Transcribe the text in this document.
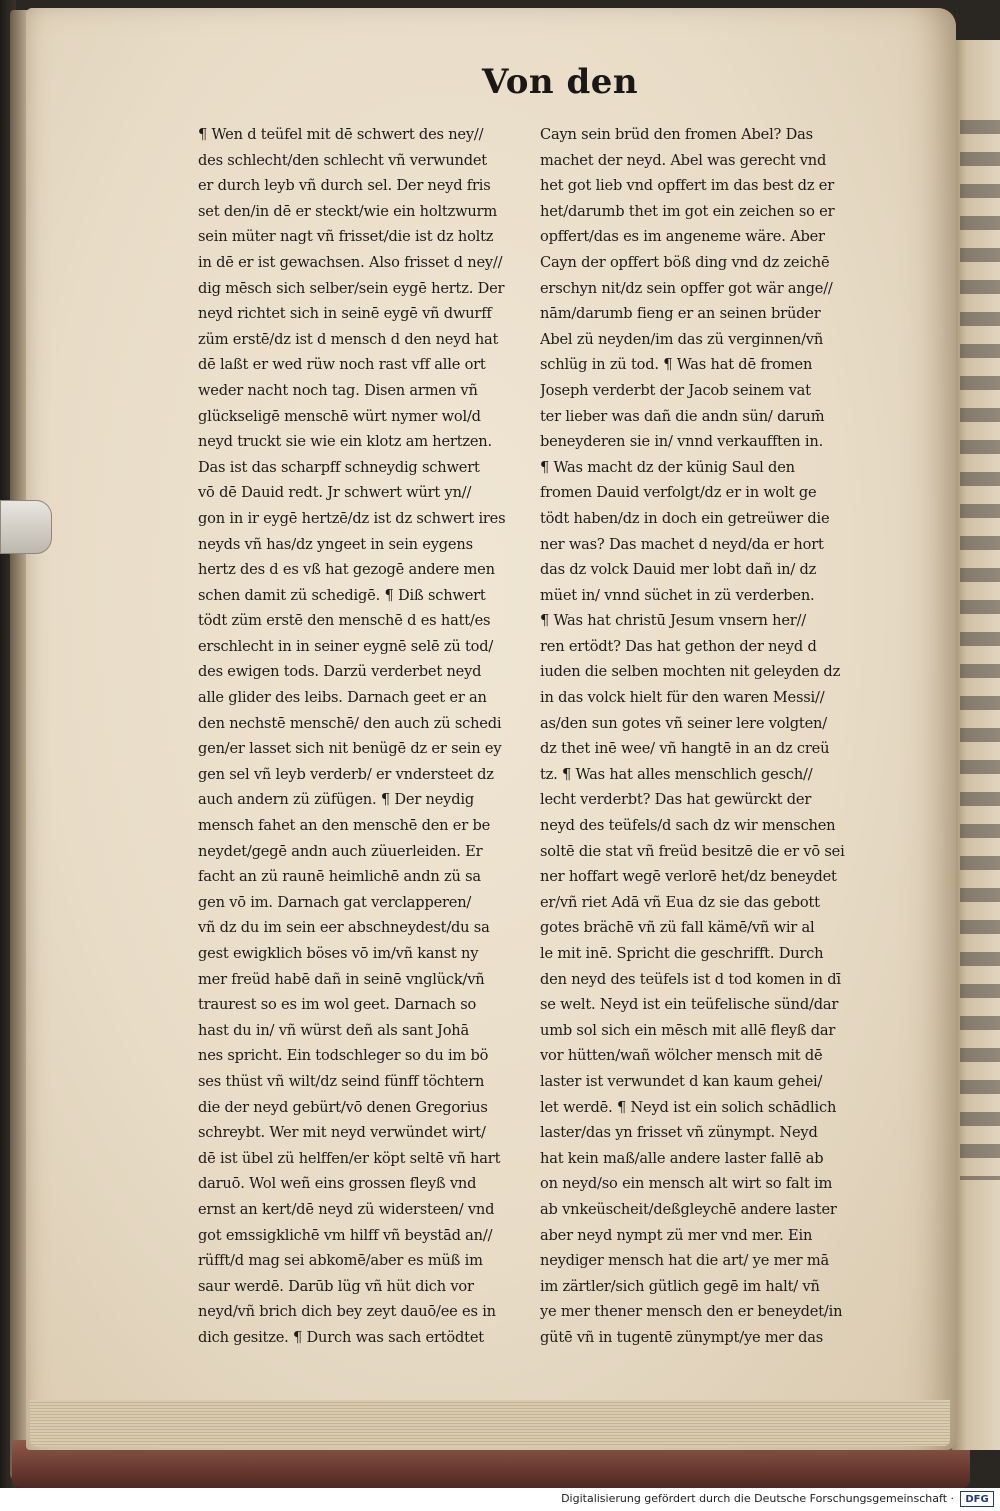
Von den
¶ Wen d teüfel mit dē schwert des ney//
des schlecht/den schlecht vñ verwundet
er durch leyb vñ durch sel. Der neyd fris
set den/in dē er steckt/wie ein holtzwurm
sein müter nagt vñ frisset/die ist dz holtz
in dē er ist gewachsen. Also frisset d ney//
dig mēsch sich selber/sein eygē hertz. Der
neyd richtet sich in seinē eygē vñ dwurff
züm erstē/dz ist d mensch d den neyd hat
dē laßt er wed rüw noch rast vff alle ort
weder nacht noch tag. Disen armen vñ
glückseligē menschē würt nymer wol/d
neyd truckt sie wie ein klotz am hertzen.
Das ist das scharpff schneydig schwert
vō dē Dauid redt. Jr schwert würt yn//
gon in ir eygē hertzē/dz ist dz schwert ires
neyds vñ has/dz yngeet in sein eygens
hertz des d es vß hat gezogē andere men
schen damit zü schedigē. ¶ Diß schwert
tödt züm erstē den menschē d es hatt/es
erschlecht in in seiner eygnē selē zü tod/
des ewigen tods. Darzü verderbet neyd
alle glider des leibs. Darnach geet er an
den nechstē menschē/ den auch zü schedi
gen/er lasset sich nit benügē dz er sein ey
gen sel vñ leyb verderb/ er vndersteet dz
auch andern zü züfügen. ¶ Der neydig
mensch fahet an den menschē den er be
neydet/gegē andn auch züuerleiden. Er
facht an zü raunē heimlichē andn zü sa
gen vō im. Darnach gat verclapperen/
vñ dz du im sein eer abschneydest/du sa
gest ewigklich böses vō im/vñ kanst ny
mer freüd habē dañ in seinē vnglück/vñ
traurest so es im wol geet. Darnach so
hast du in/ vñ würst deñ als sant Johā
nes spricht. Ein todschleger so du im bö
ses thüst vñ wilt/dz seind fünff töchtern
die der neyd gebürt/vō denen Gregorius
schreybt. Wer mit neyd verwündet wirt/
dē ist übel zü helffen/er köpt seltē vñ hart
daruō. Wol weñ eins grossen fleyß vnd
ernst an kert/dē neyd zü widersteen/ vnd
got emssigklichē vm hilff vñ beystād an//
rüfft/d mag sei abkomē/aber es müß im
saur werdē. Darūb lüg vñ hüt dich vor
neyd/vñ brich dich bey zeyt dauō/ee es in
dich gesitze. ¶ Durch was sach ertödtet
Cayn sein brüd den fromen Abel? Das
machet der neyd. Abel was gerecht vnd
het got lieb vnd opffert im das best dz er
het/darumb thet im got ein zeichen so er
opffert/das es im angeneme wäre. Aber
Cayn der opffert böß ding vnd dz zeichē
erschyn nit/dz sein opffer got wär ange//
nām/darumb fieng er an seinen brüder
Abel zü neyden/im das zü verginnen/vñ
schlüg in zü tod. ¶ Was hat dē fromen
Joseph verderbt der Jacob seinem vat
ter lieber was dañ die andn sün/ darum̄
beneyderen sie in/ vnnd verkaufften in.
¶ Was macht dz der künig Saul den
fromen Dauid verfolgt/dz er in wolt ge
tödt haben/dz in doch ein getreüwer die
ner was? Das machet d neyd/da er hort
das dz volck Dauid mer lobt dañ in/ dz
müet in/ vnnd süchet in zü verderben.
¶ Was hat christū Jesum vnsern her//
ren ertödt? Das hat gethon der neyd d
iuden die selben mochten nit geleyden dz
in das volck hielt für den waren Messi//
as/den sun gotes vñ seiner lere volgten/
dz thet inē wee/ vñ hangtē in an dz creü
tz. ¶ Was hat alles menschlich gesch//
lecht verderbt? Das hat gewürckt der
neyd des teüfels/d sach dz wir menschen
soltē die stat vñ freüd besitzē die er vō sei
ner hoffart wegē verlorē het/dz beneydet
er/vñ riet Adā vñ Eua dz sie das gebott
gotes brächē vñ zü fall kämē/vñ wir al
le mit inē. Spricht die geschrifft. Durch
den neyd des teüfels ist d tod komen in dī
se welt. Neyd ist ein teüfelische sünd/dar
umb sol sich ein mēsch mit allē fleyß dar
vor hütten/wañ wölcher mensch mit dē
laster ist verwundet d kan kaum gehei/
let werdē. ¶ Neyd ist ein solich schādlich
laster/das yn frisset vñ zünympt. Neyd
hat kein maß/alle andere laster fallē ab
on neyd/so ein mensch alt wirt so falt im
ab vnkeüscheit/deßgleychē andere laster
aber neyd nympt zü mer vnd mer. Ein
neydiger mensch hat die art/ ye mer mā
im zärtler/sich gütlich gegē im halt/ vñ
ye mer thener mensch den er beneydet/in
gütē vñ in tugentē zünympt/ye mer das
Digitalisierung gefördert durch die Deutsche Forschungsgemeinschaft ·	DFG
